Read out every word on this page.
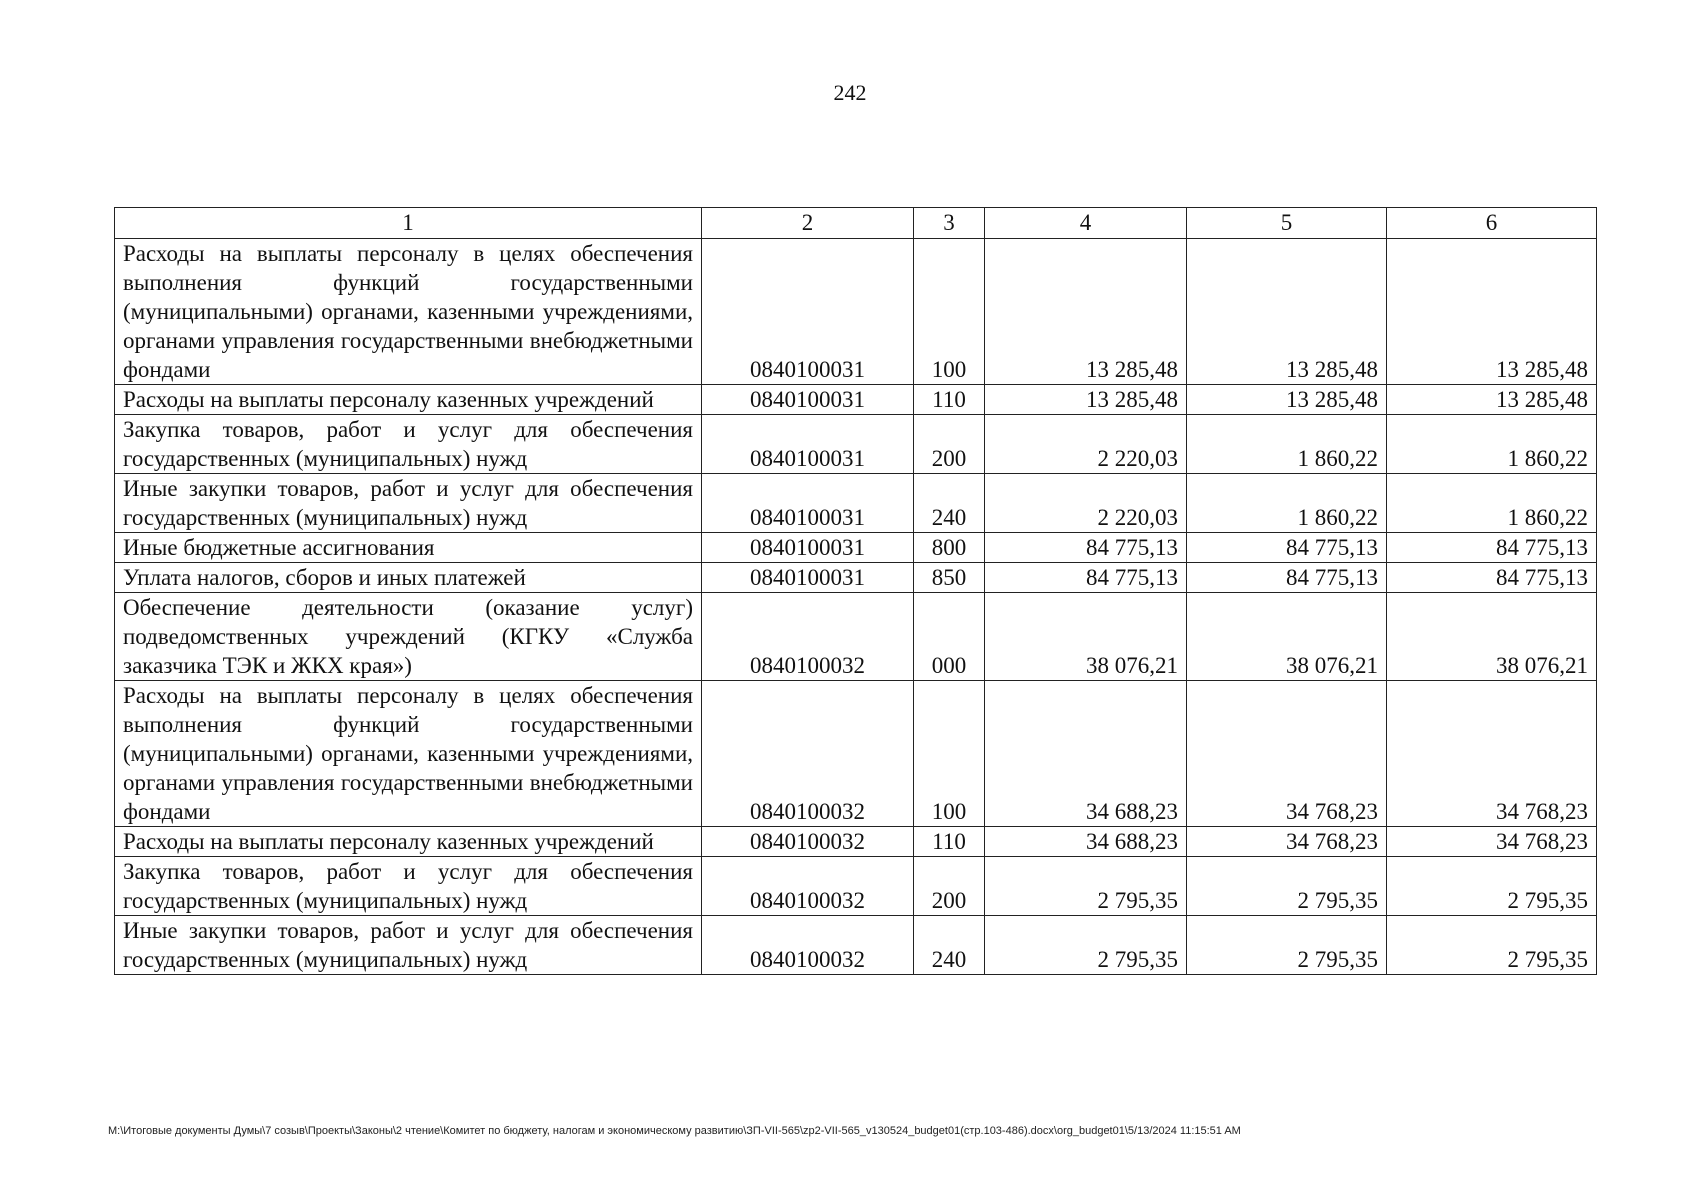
242
1	2	3	4	5	6
Расходы на выплаты персоналу в целях обеспечения выполнения функций государственными (муниципальными) органами, казенными учреждениями, органами управления государственными внебюджетными фондами	0840100031	100	13 285,48	13 285,48	13 285,48
Расходы на выплаты персоналу казенных учреждений	0840100031	110	13 285,48	13 285,48	13 285,48
Закупка товаров, работ и услуг для обеспечения государственных (муниципальных) нужд	0840100031	200	2 220,03	1 860,22	1 860,22
Иные закупки товаров, работ и услуг для обеспечения государственных (муниципальных) нужд	0840100031	240	2 220,03	1 860,22	1 860,22
Иные бюджетные ассигнования	0840100031	800	84 775,13	84 775,13	84 775,13
Уплата налогов, сборов и иных платежей	0840100031	850	84 775,13	84 775,13	84 775,13
Обеспечение деятельности (оказание услуг) подведомственных учреждений (КГКУ «Служба заказчика ТЭК и ЖКХ края»)	0840100032	000	38 076,21	38 076,21	38 076,21
Расходы на выплаты персоналу в целях обеспечения выполнения функций государственными (муниципальными) органами, казенными учреждениями, органами управления государственными внебюджетными фондами	0840100032	100	34 688,23	34 768,23	34 768,23
Расходы на выплаты персоналу казенных учреждений	0840100032	110	34 688,23	34 768,23	34 768,23
Закупка товаров, работ и услуг для обеспечения государственных (муниципальных) нужд	0840100032	200	2 795,35	2 795,35	2 795,35
Иные закупки товаров, работ и услуг для обеспечения государственных (муниципальных) нужд	0840100032	240	2 795,35	2 795,35	2 795,35
M:\Итоговые документы Думы\7 созыв\Проекты\Законы\2 чтение\Комитет по бюджету, налогам и экономическому развитию\ЗП-VII-565\zp2-VII-565_v130524_budget01(стр.103-486).docx\org_budget01\5/13/2024 11:15:51 AM
